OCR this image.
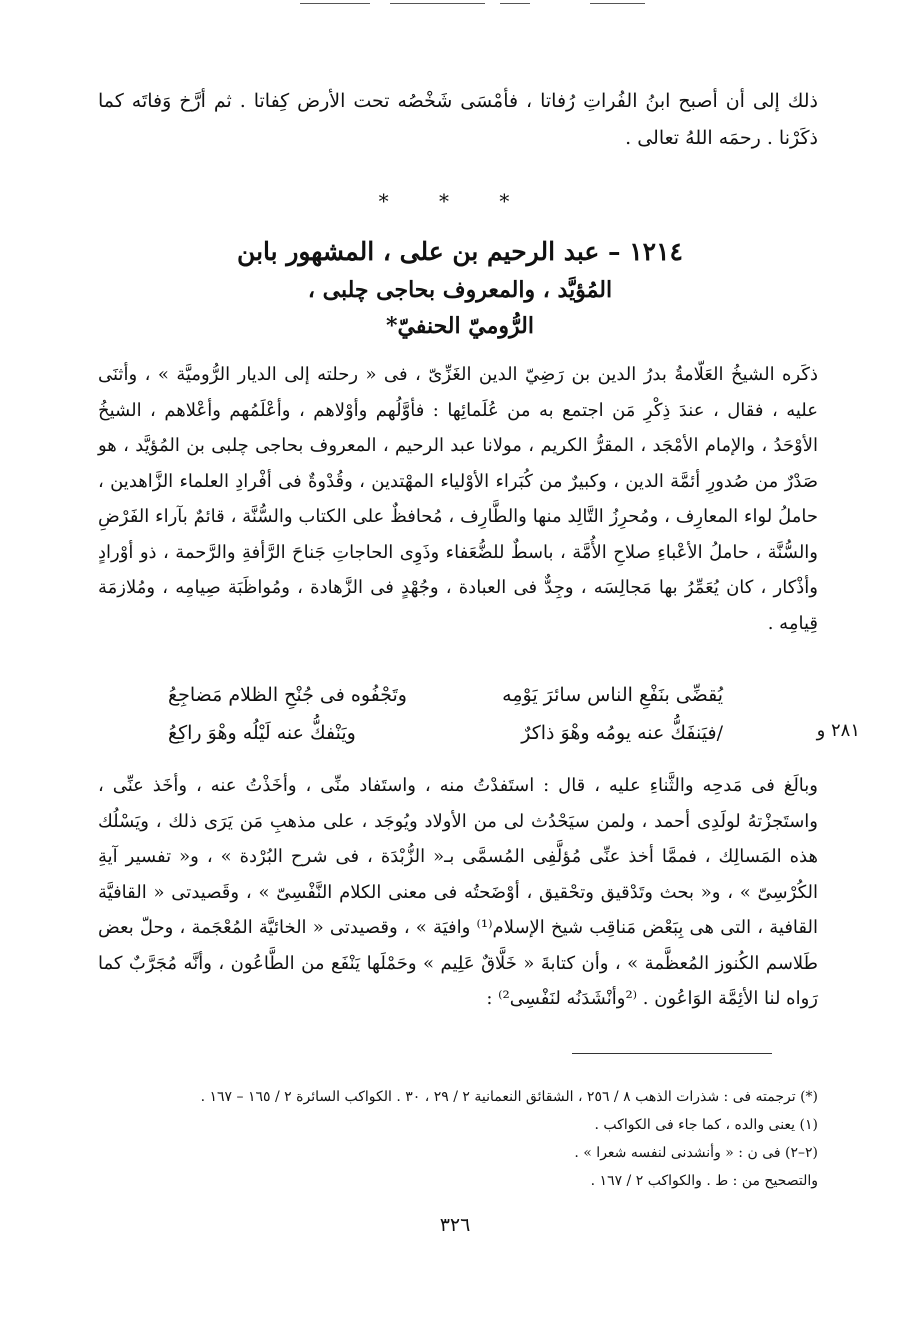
ذلك إلى أن أصبح ابنُ الفُراتِ رُفاتا ، فأمْسَى شَخْصُه تحت الأرض كِفاتا . ثم أرَّخ وَفاتَه كما ذكَرْنا . رحمَه اللهُ تعالى .
* * *
١٢١٤ – عبد الرحيم بن على ، المشهور بابن
المُؤيَّد ، والمعروف بحاجى چلبى ،
الرُّوميّ الحنفيّ*
ذكَره الشيخُ العَلّامةُ بدرُ الدين بن رَضِيّ الدين الغَزِّىّ ، فى « رحلته إلى الديار الرُّوميَّة » ، وأثنَى عليه ، فقال ، عندَ ذِكْرِ مَن اجتمع به من عُلَمائِها : فأوَّلُهم وأوْلاهم ، وأعْلَمُهم وأعْلاهم ، الشيخُ الأوْحَدُ ، والإمام الأمْجَد ، المقرُّ الكريم ، مولانا عبد الرحيم ، المعروف بحاجى چلبى بن المُؤيَّد ، هو صَدْرٌ من صُدورِ أئمَّة الدين ، وكبيرٌ من كُبَراء الأوْلياء المهْتدين ، وقُدْوةٌ فى أفْرادِ العلماء الزَّاهدين ، حاملُ لواء المعارِف ، ومُحرِزُ التَّالِد منها والطَّارِف ، مُحافظٌ على الكتاب والسُّنَّة ، قائمٌ بآراء الفَرْضِ والسُّنَّة ، حاملُ الأعْباءِ صلاحِ الأُمَّة ، باسطٌ للضُّعَفاء وذَوِى الحاجاتِ جَناحَ الرَّأفةِ والرَّحمة ، ذو أوْرادٍ وأذْكار ، كان يُعَمِّرُ بها مَجالِسَه ، وجِدٌّ فى العبادة ، وجُهْدٍ فى الزَّهادة ، ومُواظَبَة صِيامِه ، ومُلازمَة قِيامِه .
يُقضِّى بنَفْعِ الناس سائرَ يَوْمِه
وتَجْفُوه فى جُنْحِ الظلام مَضاجِعُ
/فيَنفَكُّ عنه يومُه وهْوَ ذاكرٌ
ويَنْفكُّ عنه لَيْلُه وهْوَ راكِعُ	٢٨١ و
وبالَغ فى مَدحِه والثَّناءِ عليه ، قال : استَفدْتُ منه ، واستَفاد منِّى ، وأخَذْتُ عنه ، وأخَذ عنِّى ، واستَجزْتهُ لولَدِى أحمد ، ولمن سيَحْدُث لى من الأولاد ويُوجَد ، على مذهبِ مَن يَرَى ذلك ، ويَسْلُك هذه المَسالِك ، فممَّا أخذ عنِّى مُؤلَّفِى المُسمَّى بـ« الزُّبْدَة ، فى شرح البُرْدة » ، و« تفسير آيةِ الكُرْسِىّ » ، و« بحث وتَدْقيق وتحْقيق ، أوْضَحتُه فى معنى الكلام النَّفْسِىّ » ، وقَصيدتى « القافيَّة القافية ، التى هى بِبَعْض مَناقِب شيخ الإسلام⁽¹⁾ وافيَة » ، وقصيدتى « الخائيَّة المُعْجَمة ، وحلّ بعض طَلاسم الكُنوز المُعظَّمة » ، وأن كتابةَ « خَلَّاقٌ عَلِيم » وحَمْلَها يَنْفَع من الطَّاعُون ، وأنَّه مُجَرَّبٌ كما رَواه لنا الأئِمَّة الوَاعُون . ⁽²وأنْشَدَنُه لنَفْسِى²⁾ :
(*) ترجمته فى : شذرات الذهب ٨ / ٢٥٦ ، الشقائق النعمانية ٢ / ٢٩ ، ٣٠ . الكواكب السائرة ٢ / ١٦٥ – ١٦٧ .
(١) يعنى والده ، كما جاء فى الكواكب .
(٢–٢) فى ن : « وأنشدنى لنفسه شعرا » .
والتصحيح من : ط . والكواكب ٢ / ١٦٧ .
٣٢٦
